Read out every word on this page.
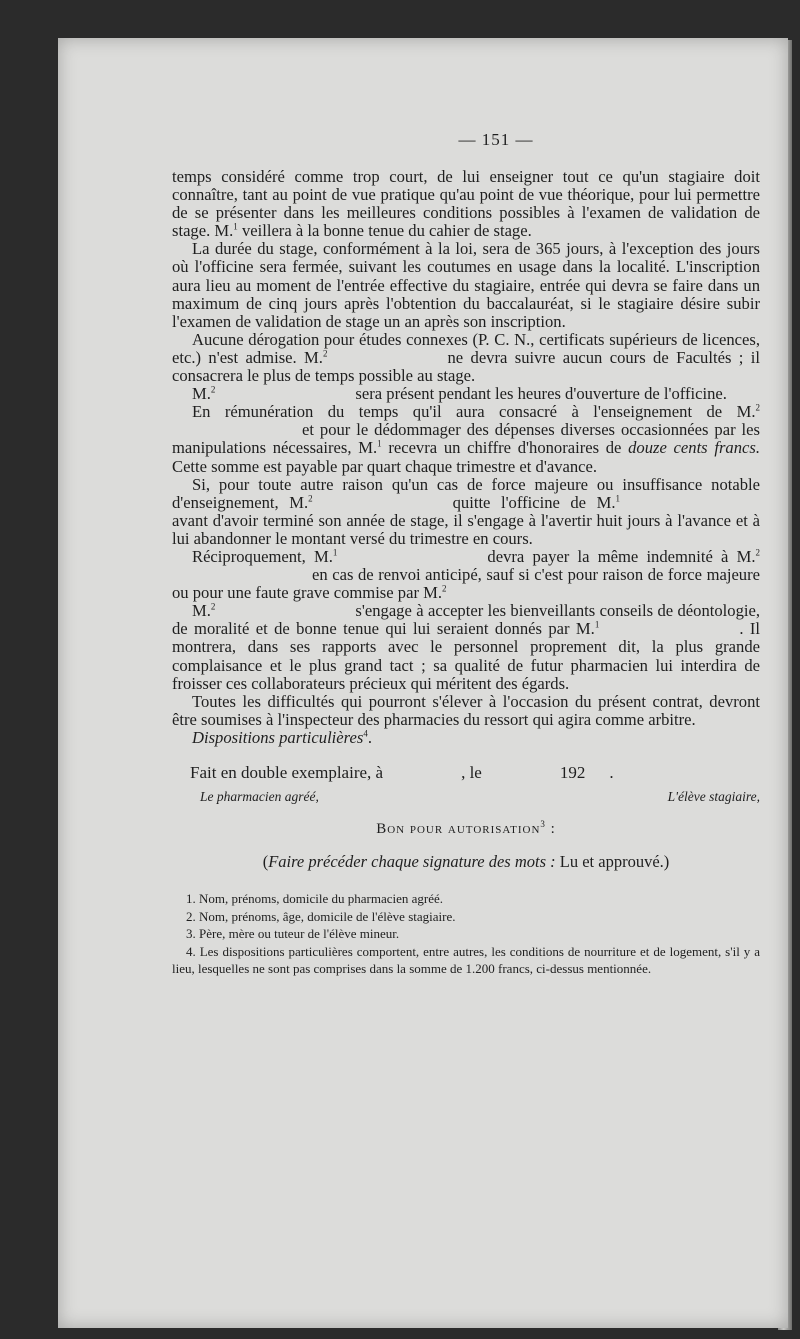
— 151 —

temps considéré comme trop court, de lui enseigner tout ce qu'un stagiaire doit connaître, tant au point de vue pratique qu'au point de vue théorique, pour lui permettre de se présenter dans les meilleures conditions possibles à l'examen de validation de stage. M.$^1$ veillera à la bonne tenue du cahier de stage.

La durée du stage, conformément à la loi, sera de 365 jours, à l'exception des jours où l'officine sera fermée, suivant les coutumes en usage dans la localité. L'inscription aura lieu au moment de l'entrée effective du stagiaire, entrée qui devra se faire dans un maximum de cinq jours après l'obtention du baccalauréat, si le stagiaire désire subir l'examen de validation de stage un an après son inscription.

Aucune dérogation pour études connexes (P. C. N., certificats supérieurs de licences, etc.) n'est admise. M.$^2$	ne devra suivre aucun cours de Facultés ; il consacrera le plus de temps possible au stage.

M.$^2$	sera présent pendant les heures d'ouverture de l'officine.

En rémunération du temps qu'il aura consacré à l'enseignement de M.$^2$et pour le dédommager des dépenses diverses occasionnées par les manipulations nécessaires, M.$^1$ recevra un chiffre d'honoraires de douze cents francs. Cette somme est payable par quart chaque trimestre et d'avance.

Si, pour toute autre raison qu'un cas de force majeure ou insuffisance notable d'enseignement, M.$^2$	quitte l'officine de M.$^1$avant d'avoir terminé son année de stage, il s'engage à l'avertir huit jours à l'avance et à lui abandonner le montant versé du trimestre en cours.

Réciproquement, M.$^1$	devra payer la même indemnité à M.$^2$en cas de renvoi anticipé, sauf si c'est pour raison de force majeure ou pour une faute grave commise par M.$^2$

M.$^2$	s'engage à accepter les bienveillants conseils de déontologie, de moralité et de bonne tenue qui lui seraient donnés par M.$^1$	. Il montrera, dans ses rapports avec le personnel proprement dit, la plus grande complaisance et le plus grand tact ; sa qualité de futur pharmacien lui interdira de froisser ces collaborateurs précieux qui méritent des égards.

Toutes les difficultés qui pourront s'élever à l'occasion du présent contrat, devront être soumises à l'inspecteur des pharmacies du ressort qui agira comme arbitre.

Dispositions particulières$^4$.

Fait en double exemplaire, à	, le	192 .
Le pharmacien agréé,	L'élève stagiaire,
Bon pour autorisation$^3$ :
(Faire précéder chaque signature des mots : Lu et approuvé.)

1. Nom, prénoms, domicile du pharmacien agréé.

2. Nom, prénoms, âge, domicile de l'élève stagiaire.

3. Père, mère ou tuteur de l'élève mineur.

4. Les dispositions particulières comportent, entre autres, les conditions de nourriture et de logement, s'il y a lieu, lesquelles ne sont pas comprises dans la somme de 1.200 francs, ci-dessus mentionnée.
